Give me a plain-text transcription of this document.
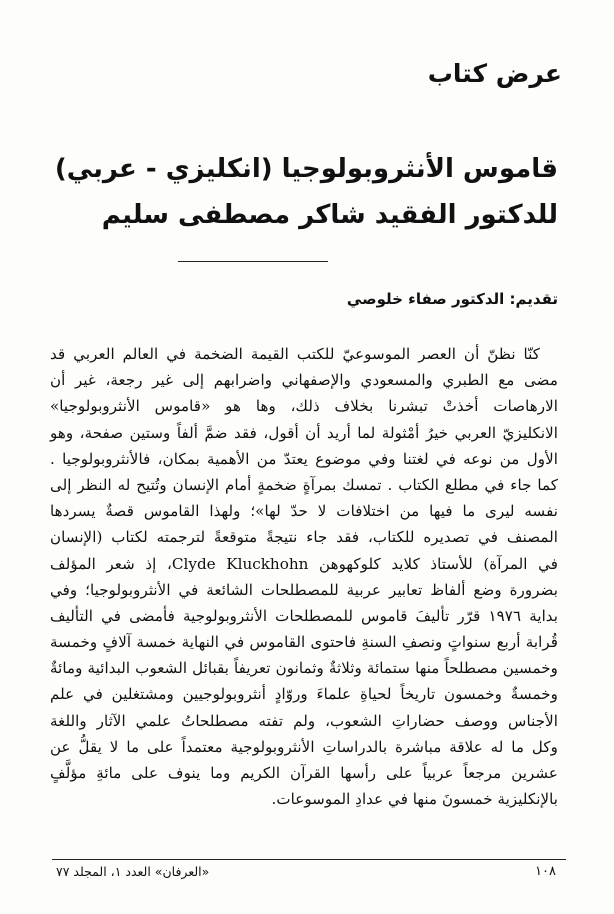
عرض كتاب
قاموس الأنثروبولوجيا (انكليزي - عربي)
للدكتور الفقيد شاكر مصطفى سليم
تقديم: الدكتور صفاء خلوصي
كنّا نظنّ أن العصر الموسوعيّ للكتب القيمة الضخمة في العالم العربي قد
مضى مع الطبري والمسعودي والإصفهاني واضرابهم إلى غير رجعة، غير أن
الارهاصات أخذتْ تبشرنا بخلاف ذلك، وها هو «قاموس الأنثروبولوجيا»
الانكليزيّ العربي خيرُ أمْثولة لما أريد أن أقول، فقد ضمَّ ألفاً وستين صفحة، وهو
الأول من نوعه في لغتنا وفي موضوع يعتدّ من الأهمية بمكان، فالأنثروبولوجيا .
كما جاء في مطلع الكتاب . تمسك بمرآةٍ ضخمةٍ أمام الإنسان وتُتيح له النظر إلى
نفسه ليرى ما فيها من اختلافات لا حدّ لها»؛ ولهذا القاموس قصةٌ يسردها
المصنف في تصديره للكتاب، فقد جاء نتيجةً متوقعةً لترجمته لكتاب (الإنسان
في المرآة) للأستاذ كلايد كلوكهوهن Clyde Kluckhohn، إذ شعر المؤلف
بضرورة وضع ألفاظ تعابير عربية للمصطلحات الشائعة في الأنثروبولوجيا؛ وفي
بداية ١٩٧٦ قرّر تأليفَ قاموس للمصطلحات الأنثروبولوجية فأمضى في التأليف
قُرابة أربع سنواتٍ ونصفِ السنةِ فاحتوى القاموس في النهاية خمسة آلافٍ وخمسة
وخمسين مصطلحاً منها ستمائة وثلاثةٌ وثمانون تعريفاً بقبائل الشعوب البدائية ومائةٌ
وخمسةٌ وخمسون تاريخاً لحياةِ علماءَ وروّادٍ أنثروبولوجيين ومشتغلين في علم
الأجناس ووصف حضاراتِ الشعوب، ولم تفته مصطلحاتُ علمي الآثار واللغة
وكل ما له علاقة مباشرة بالدراساتِ الأنثروبولوجية معتمداً على ما لا يقلُّ عن
عشرين مرجعاً عربياً على رأسها القرآن الكريم وما ينوف على مائةِ مؤلَّفٍ
بالإنكليزية خمسونَ منها في عدادِ الموسوعات.
«العرفان» العدد ١، المجلد ٧٧	١٠٨
